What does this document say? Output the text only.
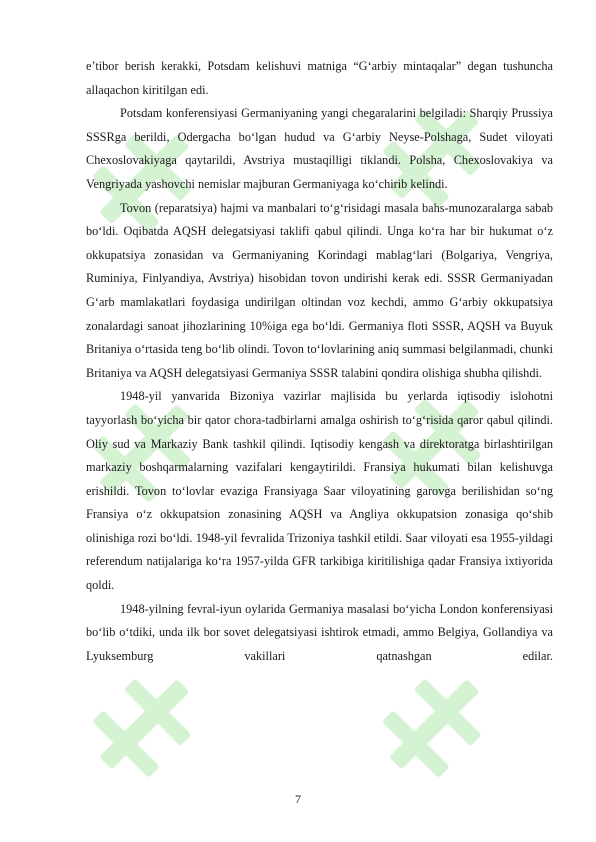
e’tibor berish kerakki, Potsdam kelishuvi matniga “G‘arbiy mintaqalar” degan tushuncha allaqachon kiritilgan edi.

Potsdam konferensiyasi Germaniyaning yangi chegaralarini belgiladi: Sharqiy Prussiya SSSRga berildi, Odergacha bo‘lgan hudud va G‘arbiy Neyse-Polshaga, Sudet viloyati Chexoslovakiyaga qaytarildi, Avstriya mustaqilligi tiklandi. Polsha, Chexoslovakiya va Vengriyada yashovchi nemislar majburan Germaniyaga ko‘chirib kelindi.

Tovon (reparatsiya) hajmi va manbalari to‘g‘risidagi masala bahs-munozaralarga sabab bo‘ldi. Oqibatda AQSH delegatsiyasi taklifi qabul qilindi. Unga ko‘ra har bir hukumat o‘z okkupatsiya zonasidan va Germaniyaning Korindagi mablag‘lari (Bolgariya, Vengriya, Ruminiya, Finlyandiya, Avstriya) hisobidan tovon undirishi kerak edi. SSSR Germaniyadan G‘arb mamlakatlari foydasiga undirilgan oltindan voz kechdi, ammo G‘arbiy okkupatsiya zonalardagi sanoat jihozlarining 10%iga ega bo‘ldi. Germaniya floti SSSR, AQSH va Buyuk Britaniya o‘rtasida teng bo‘lib olindi. Tovon to‘lovlarining aniq summasi belgilanmadi, chunki Britaniya va AQSH delegatsiyasi Germaniya SSSR talabini qondira olishiga shubha qilishdi.

1948-yil yanvarida Bizoniya vazirlar majlisida bu yerlarda iqtisodiy islohotni tayyorlash bo‘yicha bir qator chora-tadbirlarni amalga oshirish to‘g‘risida qaror qabul qilindi. Oliy sud va Markaziy Bank tashkil qilindi. Iqtisodiy kengash va direktoratga birlashtirilgan markaziy boshqarmalarning vazifalari kengaytirildi. Fransiya hukumati bilan kelishuvga erishildi. Tovon to‘lovlar evaziga Fransiyaga Saar viloyatining garovga berilishidan so‘ng Fransiya o‘z okkupatsion zonasining AQSH va Angliya okkupatsion zonasiga qo‘shib olinishiga rozi bo‘ldi. 1948-yil fevralida Trizoniya tashkil etildi. Saar viloyati esa 1955-yildagi referendum natijalariga ko‘ra 1957-yilda GFR tarkibiga kiritilishiga qadar Fransiya ixtiyorida qoldi.

1948-yilning fevral-iyun oylarida Germaniya masalasi bo‘yicha London konferensiyasi bo‘lib o‘tdiki, unda ilk bor sovet delegatsiyasi ishtirok etmadi, ammo Belgiya, Gollandiya va Lyuksemburg vakillari qatnashgan edilar.

7
